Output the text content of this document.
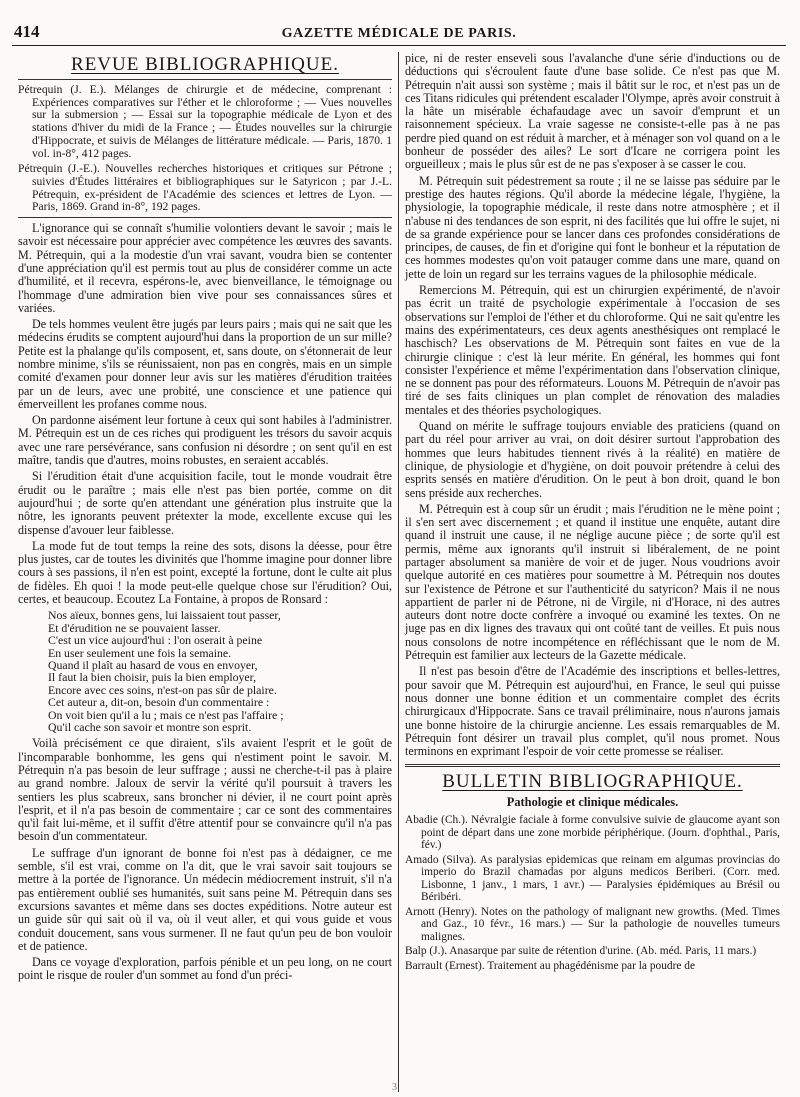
414	GAZETTE MÉDICALE DE PARIS.
REVUE BIBLIOGRAPHIQUE.

Pétrequin (J. E.). Mélanges de chirurgie et de médecine, comprenant : Expériences comparatives sur l'éther et le chloroforme ; — Vues nouvelles sur la submersion ; — Essai sur la topographie médicale de Lyon et des stations d'hiver du midi de la France ; — Études nouvelles sur la chirurgie d'Hippocrate, et suivis de Mélanges de littérature médicale. — Paris, 1870. 1 vol. in-8°, 412 pages.

Pétrequin (J.-E.). Nouvelles recherches historiques et critiques sur Pétrone ; suivies d'Études littéraires et bibliographiques sur le Satyricon ; par J.-L. Pétrequin, ex-président de l'Académie des sciences et lettres de Lyon. — Paris, 1869. Grand in-8°, 192 pages.

L'ignorance qui se connaît s'humilie volontiers devant le savoir ; mais le savoir est nécessaire pour apprécier avec compétence les œuvres des savants. M. Pétrequin, qui a la modestie d'un vrai savant, voudra bien se contenter d'une appréciation qu'il est permis tout au plus de considérer comme un acte d'humilité, et il recevra, espérons-le, avec bienveillance, le témoignage ou l'hommage d'une admiration bien vive pour ses connaissances sûres et variées.

De tels hommes veulent être jugés par leurs pairs ; mais qui ne sait que les médecins érudits se comptent aujourd'hui dans la proportion de un sur mille? Petite est la phalange qu'ils composent, et, sans doute, on s'étonnerait de leur nombre minime, s'ils se réunissaient, non pas en congrès, mais en un simple comité d'examen pour donner leur avis sur les matières d'érudition traitées par un de leurs, avec une probité, une conscience et une patience qui émerveillent les profanes comme nous.

On pardonne aisément leur fortune à ceux qui sont habiles à l'administrer. M. Pétrequin est un de ces riches qui prodiguent les trésors du savoir acquis avec une rare persévérance, sans confusion ni désordre ; on sent qu'il en est maître, tandis que d'autres, moins robustes, en seraient accablés.

Si l'érudition était d'une acquisition facile, tout le monde voudrait être érudit ou le paraître ; mais elle n'est pas bien portée, comme on dit aujourd'hui ; de sorte qu'en attendant une génération plus instruite que la nôtre, les ignorants peuvent prétexter la mode, excellente excuse qui les dispense d'avouer leur faiblesse.

La mode fut de tout temps la reine des sots, disons la déesse, pour être plus justes, car de toutes les divinités que l'homme imagine pour donner libre cours à ses passions, il n'en est point, excepté la fortune, dont le culte ait plus de fidèles. Eh quoi ! la mode peut-elle quelque chose sur l'érudition? Oui, certes, et beaucoup. Ecoutez La Fontaine, à propos de Ronsard :

Nos aïeux, bonnes gens, lui laissaient tout passer,
Et d'érudition ne se pouvaient lasser.
C'est un vice aujourd'hui : l'on oserait à peine
En user seulement une fois la semaine.
Quand il plaît au hasard de vous en envoyer,
Il faut la bien choisir, puis la bien employer,
Encore avec ces soins, n'est-on pas sûr de plaire.
Cet auteur a, dit-on, besoin d'un commentaire :
On voit bien qu'il a lu ; mais ce n'est pas l'affaire ;
Qu'il cache son savoir et montre son esprit.

Voilà précisément ce que diraient, s'ils avaient l'esprit et le goût de l'incomparable bonhomme, les gens qui n'estiment point le savoir. M. Pétrequin n'a pas besoin de leur suffrage ; aussi ne cherche-t-il pas à plaire au grand nombre. Jaloux de servir la vérité qu'il poursuit à travers les sentiers les plus scabreux, sans broncher ni dévier, il ne court point après l'esprit, et il n'a pas besoin de commentaire ; car ce sont des commentaires qu'il fait lui-même, et il suffit d'être attentif pour se convaincre qu'il n'a pas besoin d'un commentateur.

Le suffrage d'un ignorant de bonne foi n'est pas à dédaigner, ce me semble, s'il est vrai, comme on l'a dit, que le vrai savoir sait toujours se mettre à la portée de l'ignorance. Un médecin médiocrement instruit, s'il n'a pas entièrement oublié ses humanités, suit sans peine M. Pétrequin dans ses excursions savantes et même dans ses doctes expéditions. Notre auteur est un guide sûr qui sait où il va, où il veut aller, et qui vous guide et vous conduit doucement, sans vous surmener. Il ne faut qu'un peu de bon vouloir et de patience.

Dans ce voyage d'exploration, parfois pénible et un peu long, on ne court point le risque de rouler d'un sommet au fond d'un préci-

pice, ni de rester enseveli sous l'avalanche d'une série d'inductions ou de déductions qui s'écroulent faute d'une base solide. Ce n'est pas que M. Pétrequin n'ait aussi son système ; mais il bâtit sur le roc, et n'est pas un de ces Titans ridicules qui prétendent escalader l'Olympe, après avoir construit à la hâte un misérable échafaudage avec un savoir d'emprunt et un raisonnement spécieux. La vraie sagesse ne consiste-t-elle pas à ne pas perdre pied quand on est réduit à marcher, et à ménager son vol quand on a le bonheur de posséder des ailes? Le sort d'Icare ne corrigera point les orgueilleux ; mais le plus sûr est de ne pas s'exposer à se casser le cou.

M. Pétrequin suit pédestrement sa route ; il ne se laisse pas séduire par le prestige des hautes régions. Qu'il aborde la médecine légale, l'hygiène, la physiologie, la topographie médicale, il reste dans notre atmosphère ; et il n'abuse ni des tendances de son esprit, ni des facilités que lui offre le sujet, ni de sa grande expérience pour se lancer dans ces profondes considérations de principes, de causes, de fin et d'origine qui font le bonheur et la réputation de ces hommes modestes qu'on voit patauger comme dans une mare, quand on jette de loin un regard sur les terrains vagues de la philosophie médicale.

Remercions M. Pétrequin, qui est un chirurgien expérimenté, de n'avoir pas écrit un traité de psychologie expérimentale à l'occasion de ses observations sur l'emploi de l'éther et du chloroforme. Qui ne sait qu'entre les mains des expérimentateurs, ces deux agents anesthésiques ont remplacé le haschisch? Les observations de M. Pétrequin sont faites en vue de la chirurgie clinique : c'est là leur mérite. En général, les hommes qui font consister l'expérience et même l'expérimentation dans l'observation clinique, ne se donnent pas pour des réformateurs. Louons M. Pétrequin de n'avoir pas tiré de ses faits cliniques un plan complet de rénovation des maladies mentales et des théories psychologiques.

Quand on mérite le suffrage toujours enviable des praticiens (quand on part du réel pour arriver au vrai, on doit désirer surtout l'approbation des hommes que leurs habitudes tiennent rivés à la réalité) en matière de clinique, de physiologie et d'hygiène, on doit pouvoir prétendre à celui des esprits sensés en matière d'érudition. On le peut à bon droit, quand le bon sens préside aux recherches.

M. Pétrequin est à coup sûr un érudit ; mais l'érudition ne le mène point ; il s'en sert avec discernement ; et quand il institue une enquête, autant dire quand il instruit une cause, il ne néglige aucune pièce ; de sorte qu'il est permis, même aux ignorants qu'il instruit si libéralement, de ne point partager absolument sa manière de voir et de juger. Nous voudrions avoir quelque autorité en ces matières pour soumettre à M. Pétrequin nos doutes sur l'existence de Pétrone et sur l'authenticité du satyricon? Mais il ne nous appartient de parler ni de Pétrone, ni de Virgile, ni d'Horace, ni des autres auteurs dont notre docte confrère a invoqué ou examiné les textes. On ne juge pas en dix lignes des travaux qui ont coûté tant de veilles. Et puis nous nous consolons de notre incompétence en réfléchissant que le nom de M. Pétrequin est familier aux lecteurs de la Gazette médicale.

Il n'est pas besoin d'être de l'Académie des inscriptions et belles-lettres, pour savoir que M. Pétrequin est aujourd'hui, en France, le seul qui puisse nous donner une bonne édition et un commentaire complet des écrits chirurgicaux d'Hippocrate. Sans ce travail préliminaire, nous n'aurons jamais une bonne histoire de la chirurgie ancienne. Les essais remarquables de M. Pétrequin font désirer un travail plus complet, qu'il nous promet. Nous terminons en exprimant l'espoir de voir cette promesse se réaliser.

BULLETIN BIBLIOGRAPHIQUE.
Pathologie et clinique médicales.

Abadie (Ch.). Névralgie faciale à forme convulsive suivie de glaucome ayant son point de départ dans une zone morbide périphérique. (Journ. d'ophthal., Paris, fév.)

Amado (Silva). As paralysias epidemicas que reinam em algumas provincias do imperio do Brazil chamadas por alguns medicos Beriberi. (Corr. med. Lisbonne, 1 janv., 1 mars, 1 avr.) — Paralysies épidémiques au Brésil ou Béribéri.

Arnott (Henry). Notes on the pathology of malignant new growths. (Med. Times and Gaz., 10 févr., 16 mars.) — Sur la pathologie de nouvelles tumeurs malignes.

Balp (J.). Anasarque par suite de rétention d'urine. (Ab. méd. Paris, 11 mars.)

Barrault (Ernest). Traitement au phagédénisme par la poudre de

3
